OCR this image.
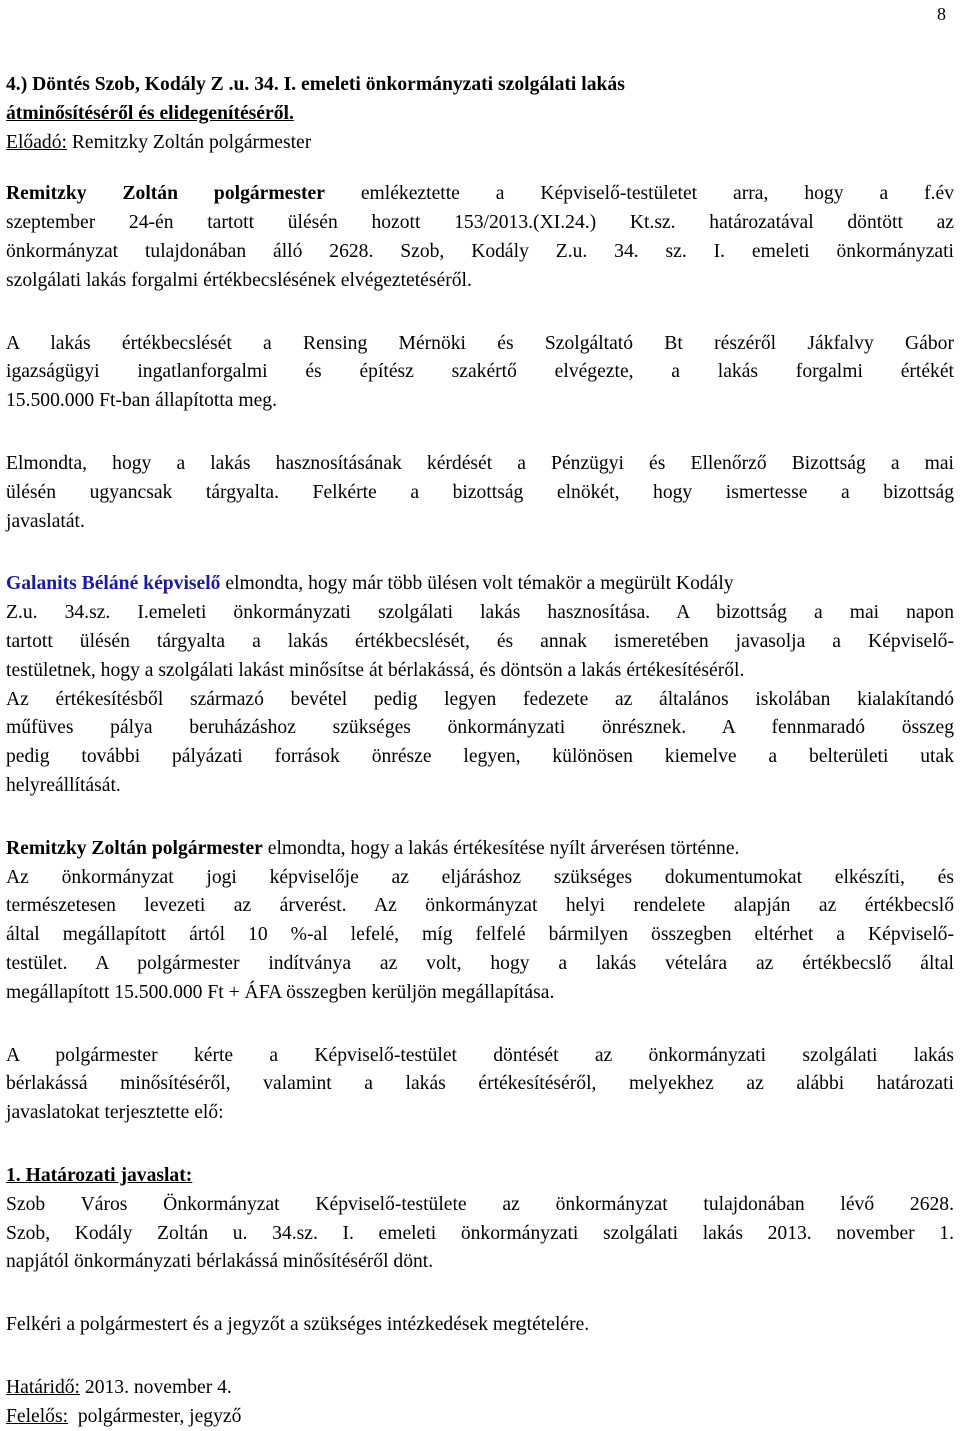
8
4.) Döntés Szob, Kodály Z .u. 34. I. emeleti önkormányzati szolgálati lakás
átminősítéséről és elidegenítéséről.
Előadó: Remitzky Zoltán polgármester
Remitzky Zoltán polgármester emlékeztette a Képviselő-testületet arra, hogy a f.év
szeptember 24-én tartott ülésén hozott 153/2013.(XI.24.) Kt.sz. határozatával döntött az
önkormányzat tulajdonában álló 2628. Szob, Kodály Z.u. 34. sz. I. emeleti önkormányzati
szolgálati lakás forgalmi értékbecslésének elvégeztetéséről.
A lakás értékbecslését a Rensing Mérnöki és Szolgáltató Bt részéről Jákfalvy Gábor
igazságügyi ingatlanforgalmi és építész szakértő elvégezte, a lakás forgalmi értékét
15.500.000 Ft-ban állapította meg.
Elmondta, hogy a lakás hasznosításának kérdését a Pénzügyi és Ellenőrző Bizottság a mai
ülésén ugyancsak tárgyalta. Felkérte a bizottság elnökét, hogy ismertesse a bizottság
javaslatát.
Galanits Béláné képviselő elmondta, hogy már több ülésen volt témakör a megürült Kodály
Z.u. 34.sz. I.emeleti önkormányzati szolgálati lakás hasznosítása. A bizottság a mai napon
tartott ülésén tárgyalta a lakás értékbecslését, és annak ismeretében javasolja a Képviselő-
testületnek, hogy a szolgálati lakást minősítse át bérlakássá, és döntsön a lakás értékesítéséről.
Az értékesítésből származó bevétel pedig legyen fedezete az általános iskolában kialakítandó
műfüves pálya beruházáshoz szükséges önkormányzati önrésznek. A fennmaradó összeg
pedig további pályázati források önrésze legyen, különösen kiemelve a belterületi utak
helyreállítását.
Remitzky Zoltán polgármester elmondta, hogy a lakás értékesítése nyílt árverésen történne.
Az önkormányzat jogi képviselője az eljáráshoz szükséges dokumentumokat elkészíti, és
természetesen levezeti az árverést. Az önkormányzat helyi rendelete alapján az értékbecslő
által megállapított ártól 10 %-al lefelé, míg felfelé bármilyen összegben eltérhet a Képviselő-
testület. A polgármester indítványa az volt, hogy a lakás vételára az értékbecslő által
megállapított 15.500.000 Ft + ÁFA összegben kerüljön megállapítása.
A polgármester kérte a Képviselő-testület döntését az önkormányzati szolgálati lakás
bérlakássá minősítéséről, valamint a lakás értékesítéséről, melyekhez az alábbi határozati
javaslatokat terjesztette elő:
1. Határozati javaslat:
Szob Város Önkormányzat Képviselő-testülete az önkormányzat tulajdonában lévő 2628.
Szob, Kodály Zoltán u. 34.sz. I. emeleti önkormányzati szolgálati lakás 2013. november 1.
napjától önkormányzati bérlakássá minősítéséről dönt.
Felkéri a polgármestert és a jegyzőt a szükséges intézkedések megtételére.
Határidő: 2013. november 4.
Felelős:  polgármester, jegyző
